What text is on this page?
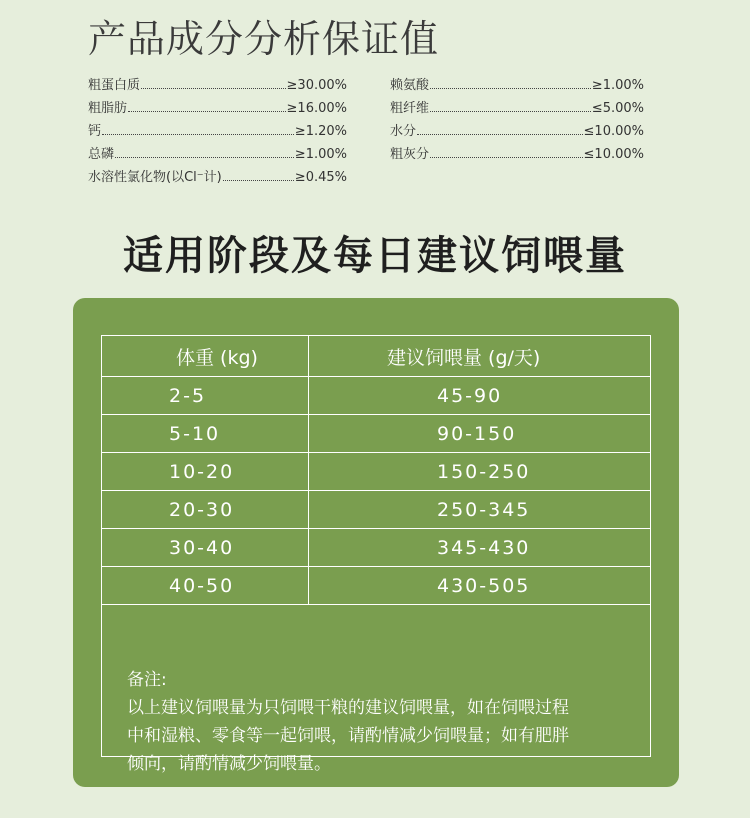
产品成分分析保证值
粗蛋白质	≥30.00%
粗脂肪	≥16.00%
钙	≥1.20%
总磷	≥1.00%
水溶性氯化物(以Cl⁻计)	≥0.45%
赖氨酸	≥1.00%
粗纤维	≤5.00%
水分	≤10.00%
粗灰分	≤10.00%
适用阶段及每日建议饲喂量
体重 (kg)	建议饲喂量 (g/天)
2-5	45-90
5-10	90-150
10-20	150-250
20-30	250-345
30-40	345-430
40-50	430-505
备注:
以上建议饲喂量为只饲喂干粮的建议饲喂量，如在饲喂过程
中和湿粮、零食等一起饲喂，请酌情减少饲喂量；如有肥胖
倾向，请酌情减少饲喂量。
